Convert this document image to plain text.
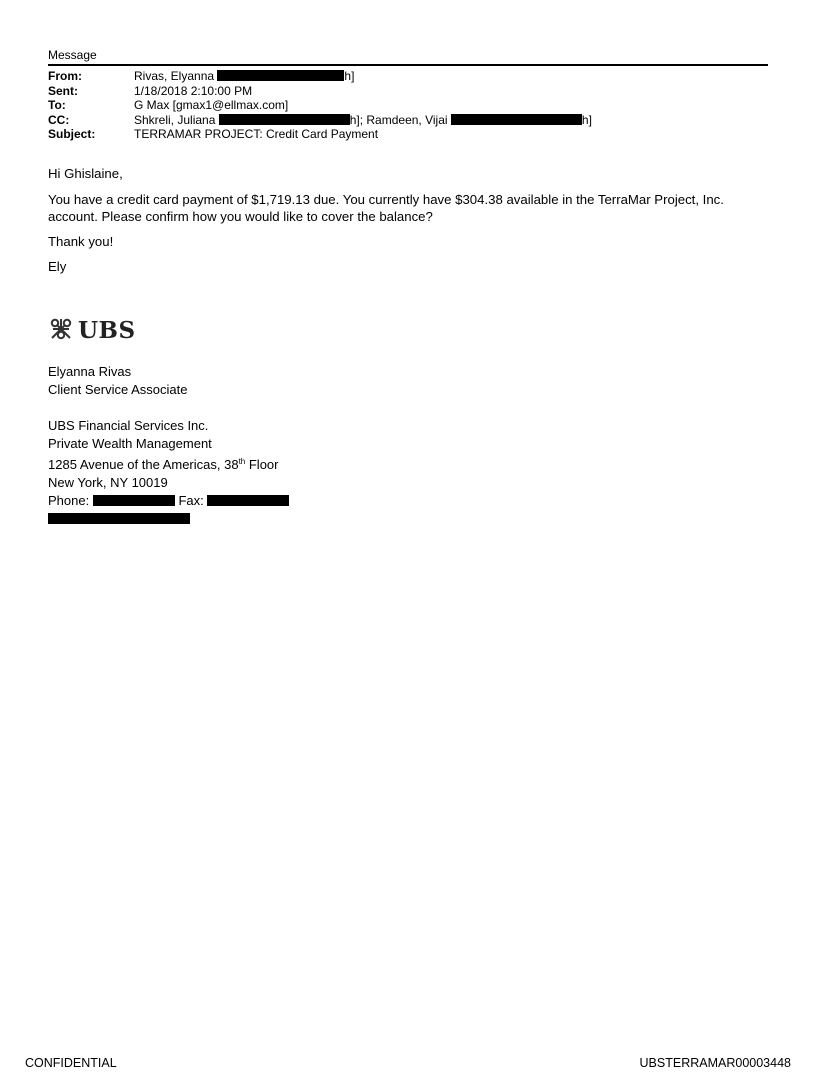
Message
From:	Rivas, Elyanna	h]
Sent:	1/18/2018 2:10:00 PM
To:	G Max [gmax1@ellmax.com]
CC:	Shkreli, Juliana	h]; Ramdeen, Vijai	h]
Subject:	TERRAMAR PROJECT: Credit Card Payment

Hi Ghislaine,

You have a credit card payment of $1,719.13 due. You currently have $304.38 available in the TerraMar Project, Inc. account. Please confirm how you would like to cover the balance?

Thank you!

Ely

UBS

Elyanna Rivas

Client Service Associate

UBS Financial Services Inc.

Private Wealth Management

1285 Avenue of the Americas, 38th Floor

New York, NY 10019

Phone:	Fax:

CONFIDENTIAL	UBSTERRAMAR00003448
